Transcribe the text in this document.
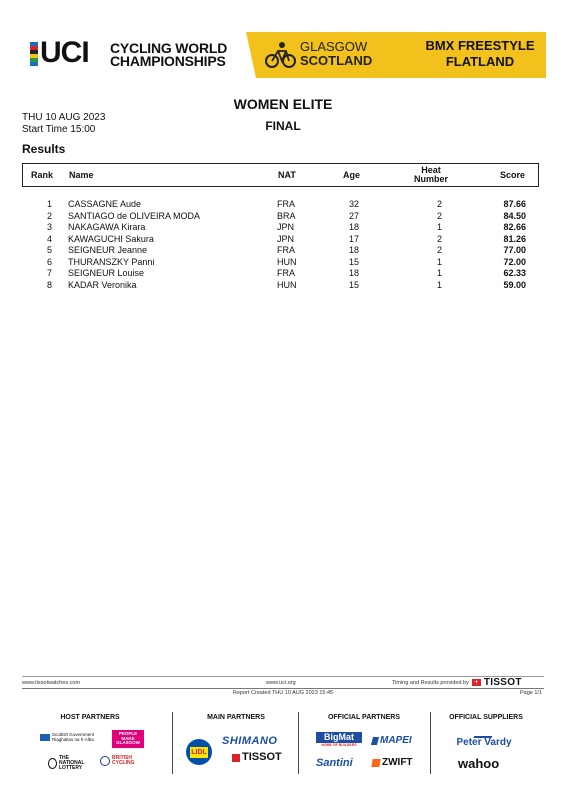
UCI CYCLING WORLD
CHAMPIONSHIPS
GLASGOW
SCOTLAND
BMX FREESTYLE
FLATLAND
THU 10 AUG 2023
Start Time 15:00
WOMEN ELITE
FINAL
Results
Rank Name	NAT	Age	Heat
Number	Score
1 CASSAGNE Aude	FRA	32	2	87.66
2 SANTIAGO de OLIVEIRA MODA	BRA	27	2	84.50
3 NAKAGAWA Kirara	JPN	18	1	82.66
4 KAWAGUCHI Sakura	JPN	17	2	81.26
5 SEIGNEUR Jeanne	FRA	18	2	77.00
6 THURANSZKY Panni	HUN	15	1	72.00
7 SEIGNEUR Louise	FRA	18	1	62.33
8 KADAR Veronika	HUN	15	1	59.00
www.tissotwatches.com	www.uci.org	Timing and Results provided by + TISSOT
Report Created THU 10 AUG 2023 15:45	Page 1/1
HOST PARTNERS	MAIN PARTNERS	OFFICIAL PARTNERS	OFFICIAL SUPPLIERS
Scottish Government Riaghaltas na h-Alba
PEOPLE MAKE GLASGOW
THE NATIONAL LOTTERY
BRITISH CYCLING
LIDL
SHIMANO
TISSOT
BigMat
HOME OF BUILDERS	MAPEI
Santini	ZWIFT
Peter Vardy
wahoo
